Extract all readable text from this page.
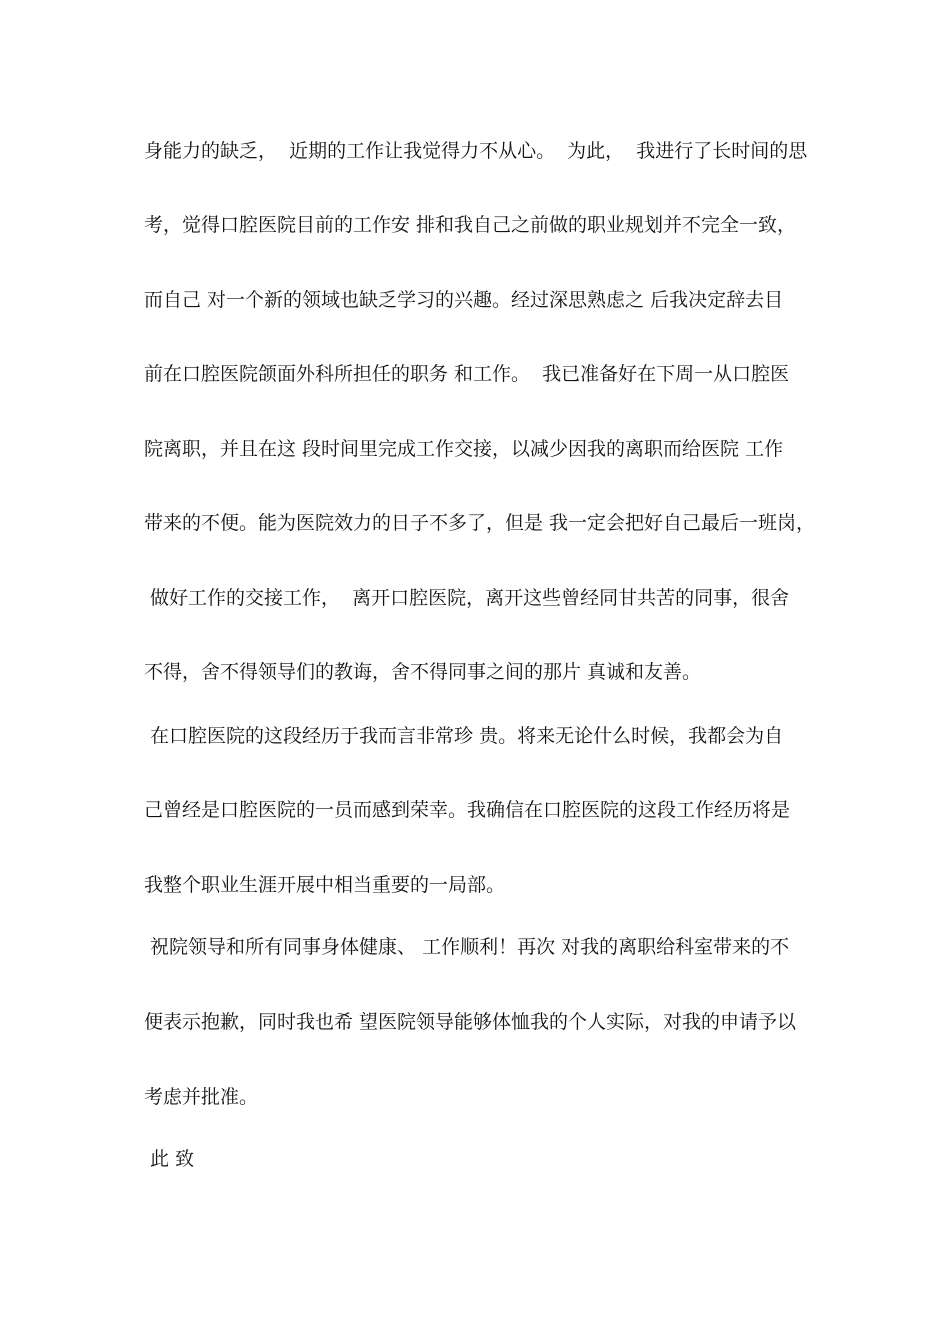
身能力的缺乏，  近期的工作让我觉得力不从心。  为此，  我进行了长时间的思
考，觉得口腔医院目前的工作安 排和我自己之前做的职业规划并不完全一致，
而自己 对一个新的领域也缺乏学习的兴趣。经过深思熟虑之 后我决定辞去目
前在口腔医院颌面外科所担任的职务 和工作。  我已准备好在下周一从口腔医
院离职，并且在这 段时间里完成工作交接，以减少因我的离职而给医院 工作
带来的不便。能为医院效力的日子不多了，但是 我一定会把好自己最后一班岗，
做好工作的交接工作，  离开口腔医院，离开这些曾经同甘共苦的同事，很舍
不得，舍不得领导们的教诲，舍不得同事之间的那片 真诚和友善。
在口腔医院的这段经历于我而言非常珍 贵。将来无论什么时候，我都会为自
己曾经是口腔医院的一员而感到荣幸。我确信在口腔医院的这段工作经历将是
我整个职业生涯开展中相当重要的一局部。
祝院领导和所有同事身体健康、 工作顺利！再次 对我的离职给科室带来的不
便表示抱歉，同时我也希 望医院领导能够体恤我的个人实际，对我的申请予以
考虑并批准。
此 致
